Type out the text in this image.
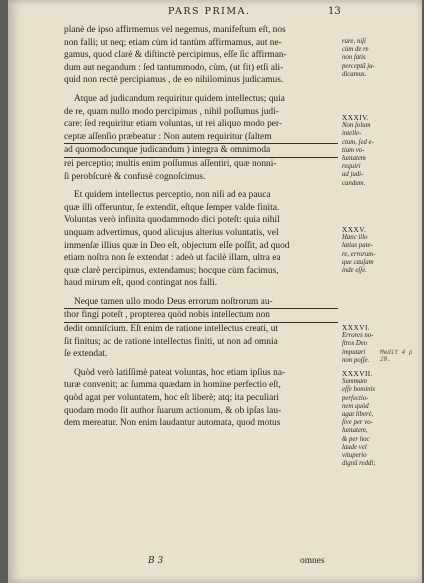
PARS PRIMA.	13
planè de ipso affirmemus vel negemus, manifeſtum eſt, nos
non falli; ut neq; etiam cùm id tantùm affirmamus, aut ne-
gamus, quod clarè & diſtinctè percipimus, eſſe ſic affirman-
dum aut negandum : ſed tantummodo, cùm, (ut fit) etſi ali-
quid non rectè percipiamus , de eo nihilominus judicamus.
Atque ad judicandum requiritur quidem intellectus; quia
de re, quam nullo modo percipimus , nihil poſſumus judi-
care: ſed requiritur etiam voluntas, ut rei aliquo modo per-
ceptæ aſſenſio præbeatur : Non autem requiritur (ſaltem
ad quomodocunque judicandum ) integra & omnimoda
rei perceptio; multis enim poſſumus aſſentiri, quæ nonni-
ſi perobſcurè & confusè cognoſcimus.
Et quidem intellectus perceptio, non niſi ad ea pauca
quæ illi offeruntur, ſe extendit, eſtque ſemper valde finita.
Voluntas verò infinita quodammodo dici poteſt: quia nihil
unquam advertimus, quod alicujus alterius voluntatis, vel
immenſæ illius quæ in Deo eſt, objectum eſſe poſſit, ad quod
etiam noſtra non ſe extendat : adeò ut facilè illam, ultra ea
quæ clarè percipimus, extendamus; hocque cùm facimus,
haud mirum eſt, quod contingat nos falli.
Neque tamen ullo modo Deus errorum noſtrorum au-
thor fingi poteſt , propterea quòd nobis intellectum non
dedit omniſcium. Eſt enim de ratione intellectus creati, ut
ſit finitus; ac de ratione intellectus finiti, ut non ad omnia
ſe extendat.
Quòd verò latiſſimè pateat voluntas, hoc etiam ipſius na-
turæ convenit; ac ſumma quædam in homine perfectio eſt,
quòd agat per voluntatem, hoc eſt liberè; atq; ita peculiari
quodam modo ſit author ſuarum actionum, & ob ipſas lau-
dem mereatur. Non enim laudantur automata, quod motus
rare, niſi
cùm de re
non ſatis
perceptâ ju-
dicamus.
XXXIV.
Non ſolum
intelle-
ctum, ſed e-
tiam vo-
luntatem
requiri
ad judi-
candum.
XXXV.
Hanc illo
latius pate-
re, errorum-
que cauſam
inde eſſe.
XXXVI.
Errores no-
ſtros Deo
imputari
non poſſe.
XXXVII.
Summam
eſſe hominis
perfectio-
nem quòd
agat liberè,
ſive per vo-
luntatem,
& per hoc
laude vel
vituperio
dignû reddi;
Medit 4 p 29.
B 3	omnes
